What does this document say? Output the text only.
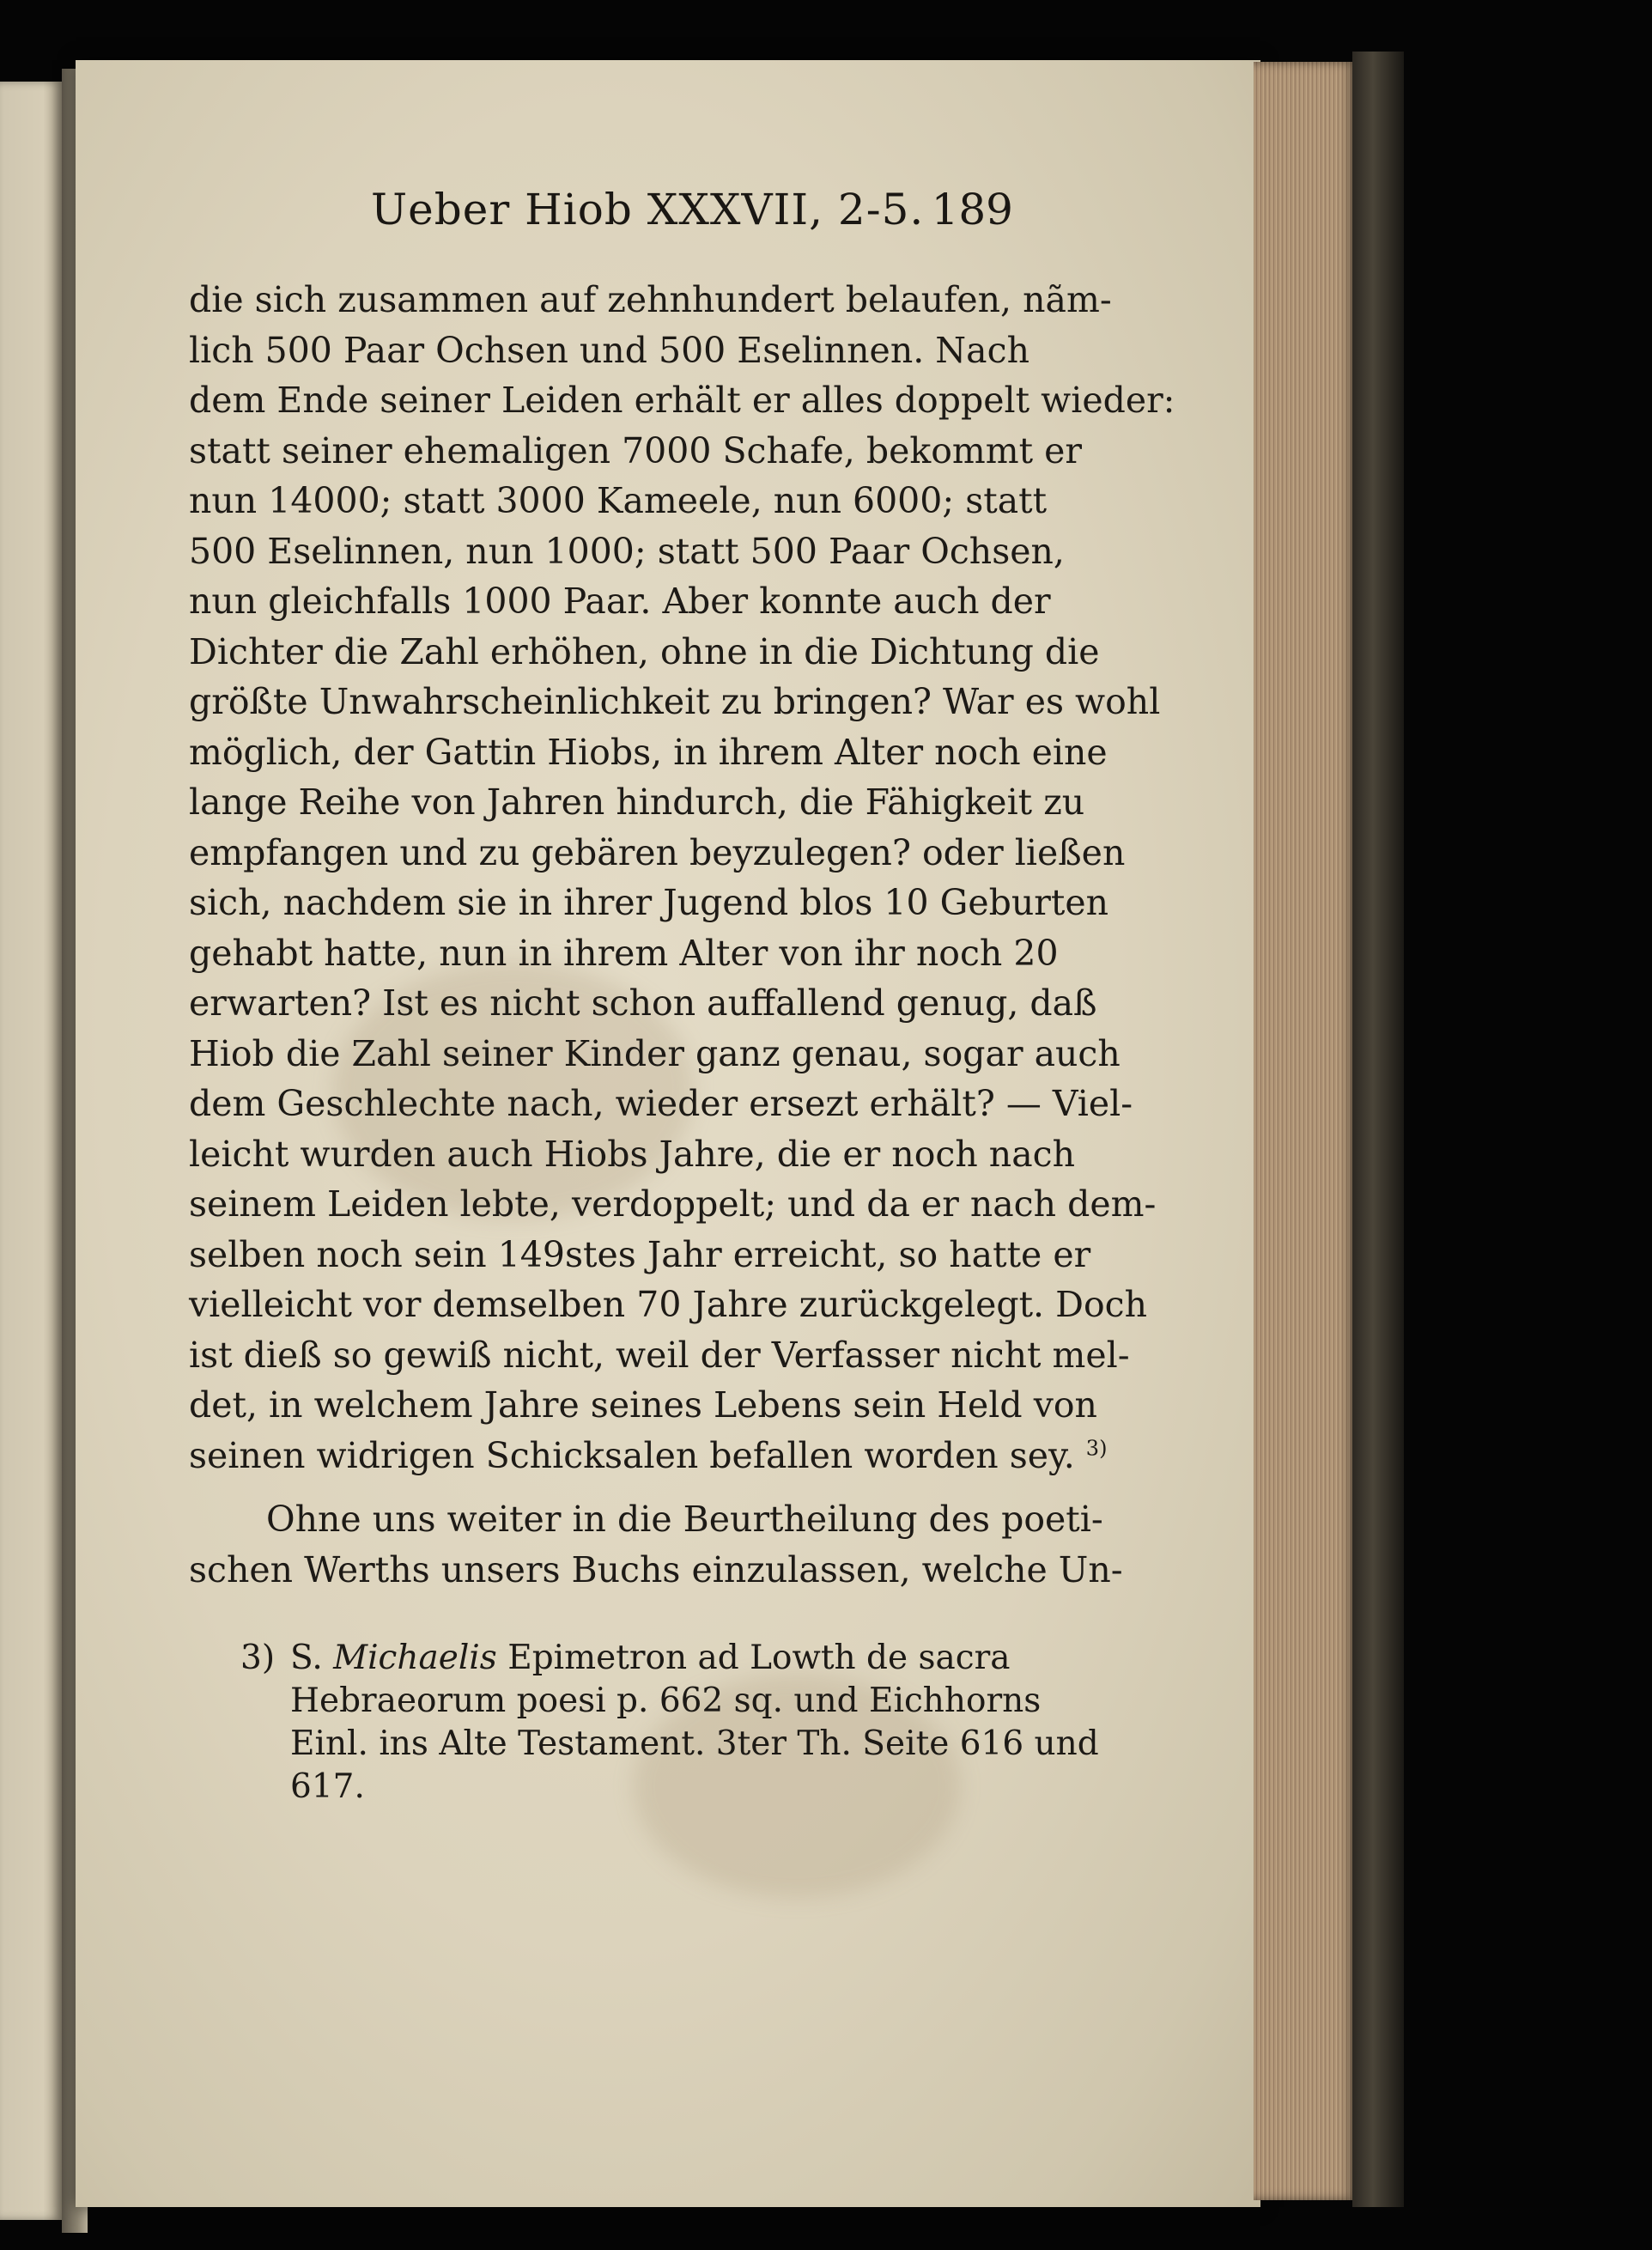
Ueber Hiob XXXVII, 2-5. 189
die sich zusammen auf zehnhundert belaufen, nãm-
lich 500 Paar Ochsen und 500 Eselinnen. Nach
dem Ende seiner Leiden erhält er alles doppelt wieder:
statt seiner ehemaligen 7000 Schafe, bekommt er
nun 14000; statt 3000 Kameele, nun 6000; statt
500 Eselinnen, nun 1000; statt 500 Paar Ochsen,
nun gleichfalls 1000 Paar. Aber konnte auch der
Dichter die Zahl erhöhen, ohne in die Dichtung die
größte Unwahrscheinlichkeit zu bringen? War es wohl
möglich, der Gattin Hiobs, in ihrem Alter noch eine
lange Reihe von Jahren hindurch, die Fähigkeit zu
empfangen und zu gebären beyzulegen? oder ließen
sich, nachdem sie in ihrer Jugend blos 10 Geburten
gehabt hatte, nun in ihrem Alter von ihr noch 20
erwarten? Ist es nicht schon auffallend genug, daß
Hiob die Zahl seiner Kinder ganz genau, sogar auch
dem Geschlechte nach, wieder ersezt erhält? — Viel-
leicht wurden auch Hiobs Jahre, die er noch nach
seinem Leiden lebte, verdoppelt; und da er nach dem-
selben noch sein 149stes Jahr erreicht, so hatte er
vielleicht vor demselben 70 Jahre zurückgelegt. Doch
ist dieß so gewiß nicht, weil der Verfasser nicht mel-
det, in welchem Jahre seines Lebens sein Held von
seinen widrigen Schicksalen befallen worden sey. $^{3)}$
Ohne uns weiter in die Beurtheilung des poeti-
schen Werths unsers Buchs einzulassen, welche Un-
3) S. Michaelis Epimetron ad Lowth de sacra
Hebraeorum poesi p. 662 sq. und Eichhorns
Einl. ins Alte Testament. 3ter Th. Seite 616 und
617.
